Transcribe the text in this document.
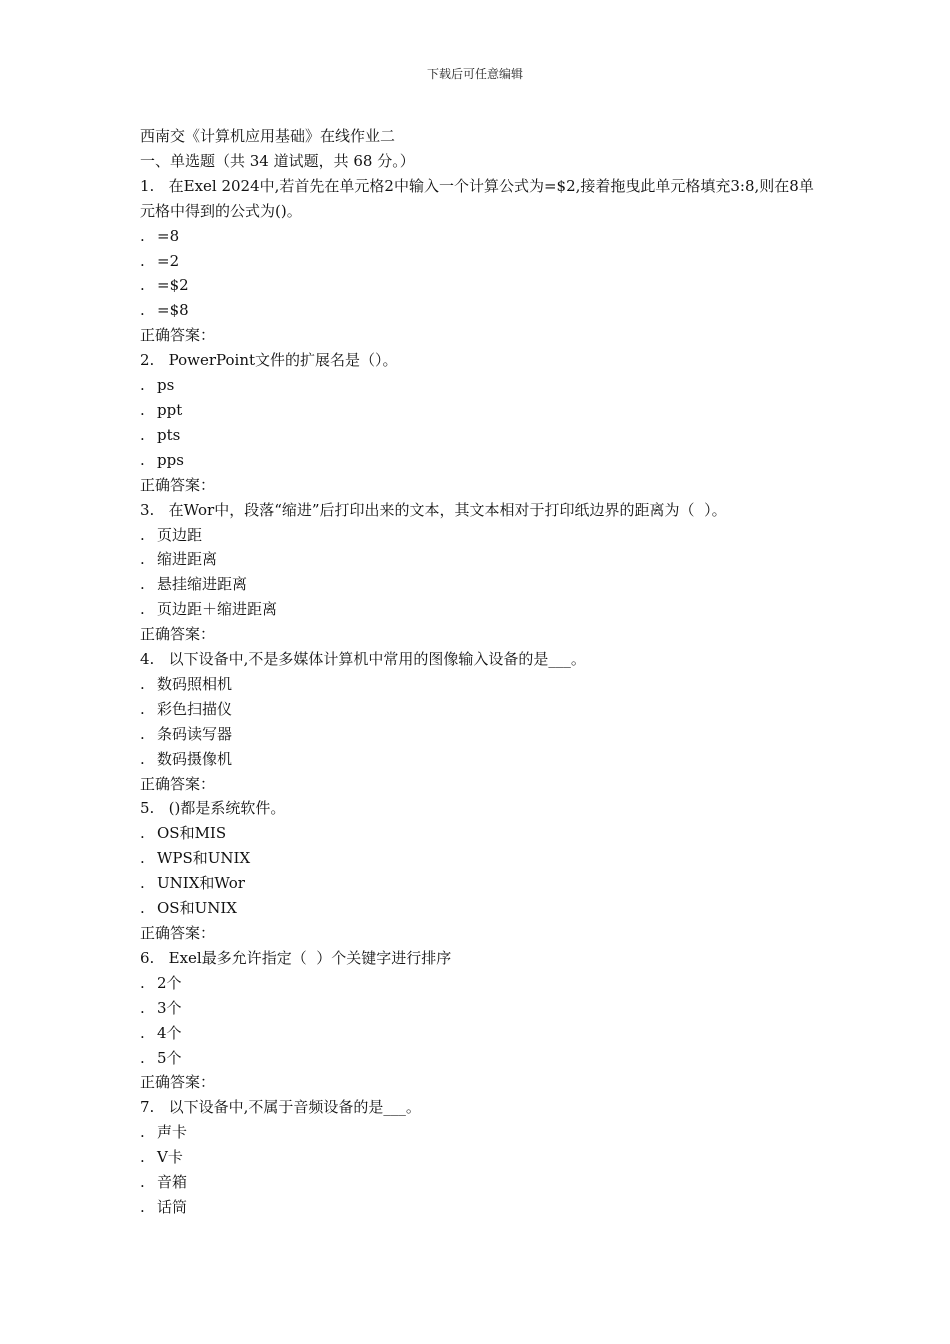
下载后可任意编辑

西南交《计算机应用基础》在线作业二

一、单选题（共 34 道试题，共 68 分。）

1.   在Exel 2024中,若首先在单元格2中输入一个计算公式为=$2,接着拖曳此单元格填充3:8,则在8单元格中得到的公式为()。

. =8
. =2
. =$2
. =$8

正确答案：

2.   PowerPoint文件的扩展名是（）。

. ps
. ppt
. pts
. pps

正确答案：

3.   在Wor中，段落“缩进”后打印出来的文本，其文本相对于打印纸边界的距离为（  ）。

. 页边距
. 缩进距离
. 悬挂缩进距离
. 页边距＋缩进距离

正确答案：

4.   以下设备中,不是多媒体计算机中常用的图像输入设备的是___。

. 数码照相机
. 彩色扫描仪
. 条码读写器
. 数码摄像机

正确答案：

5.   ()都是系统软件。

. OS和MIS
. WPS和UNIX
. UNIX和Wor
. OS和UNIX

正确答案：

6.   Exel最多允许指定（  ）个关键字进行排序

. 2个
. 3个
. 4个
. 5个

正确答案：

7.   以下设备中,不属于音频设备的是___。

. 声卡
. V卡
. 音箱
. 话筒
